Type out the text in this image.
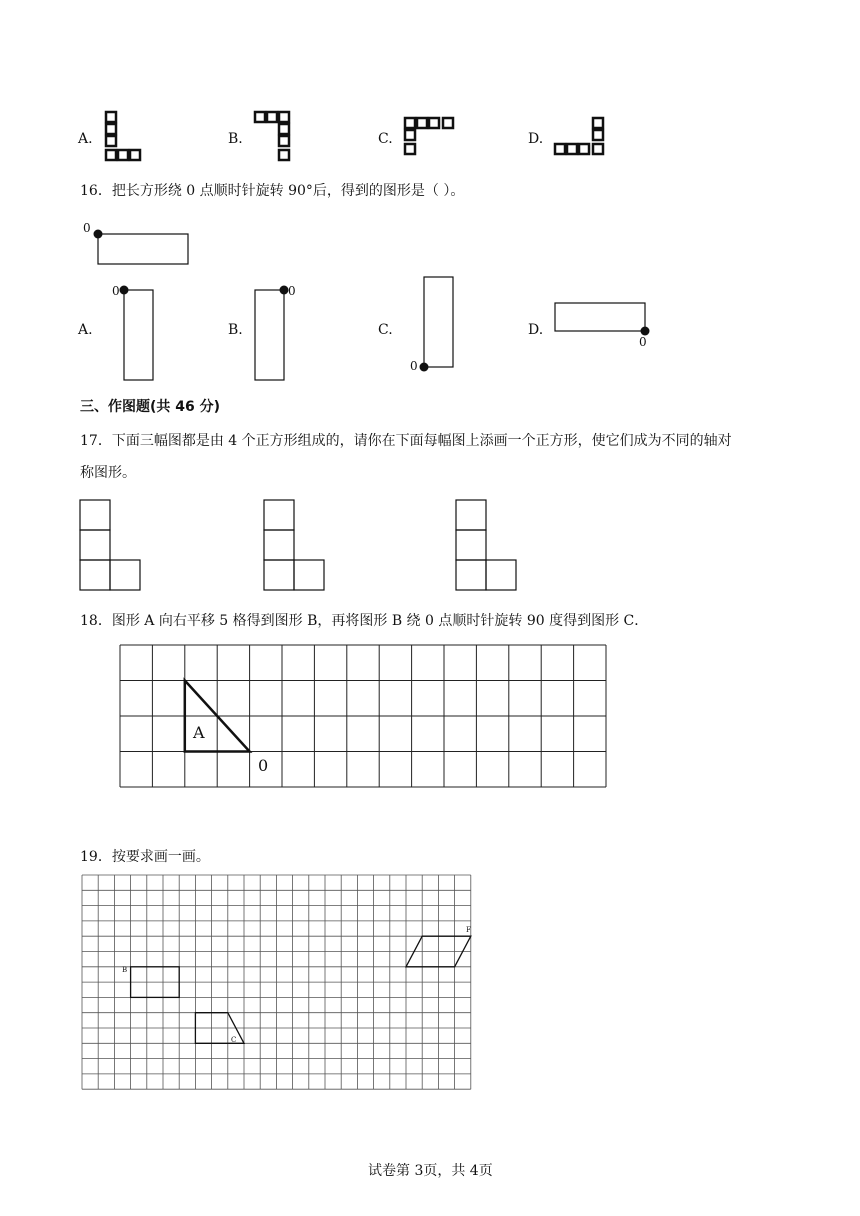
A.	B.	C.	D.
16．把长方形绕 0 点顺时针旋转 90°后，得到的图形是（ ）。
0
A.
0
B.
0
C.
0
D.
0
三、作图题(共 46 分)
17．下面三幅图都是由 4 个正方形组成的，请你在下面每幅图上添画一个正方形，使它们成为不同的轴对
称图形。
18．图形 A 向右平移 5 格得到图形 B，再将图形 B 绕 0 点顺时针旋转 90 度得到图形 C．
A
0
19．按要求画一画。
B
C
F
试卷第 3页，共 4页
